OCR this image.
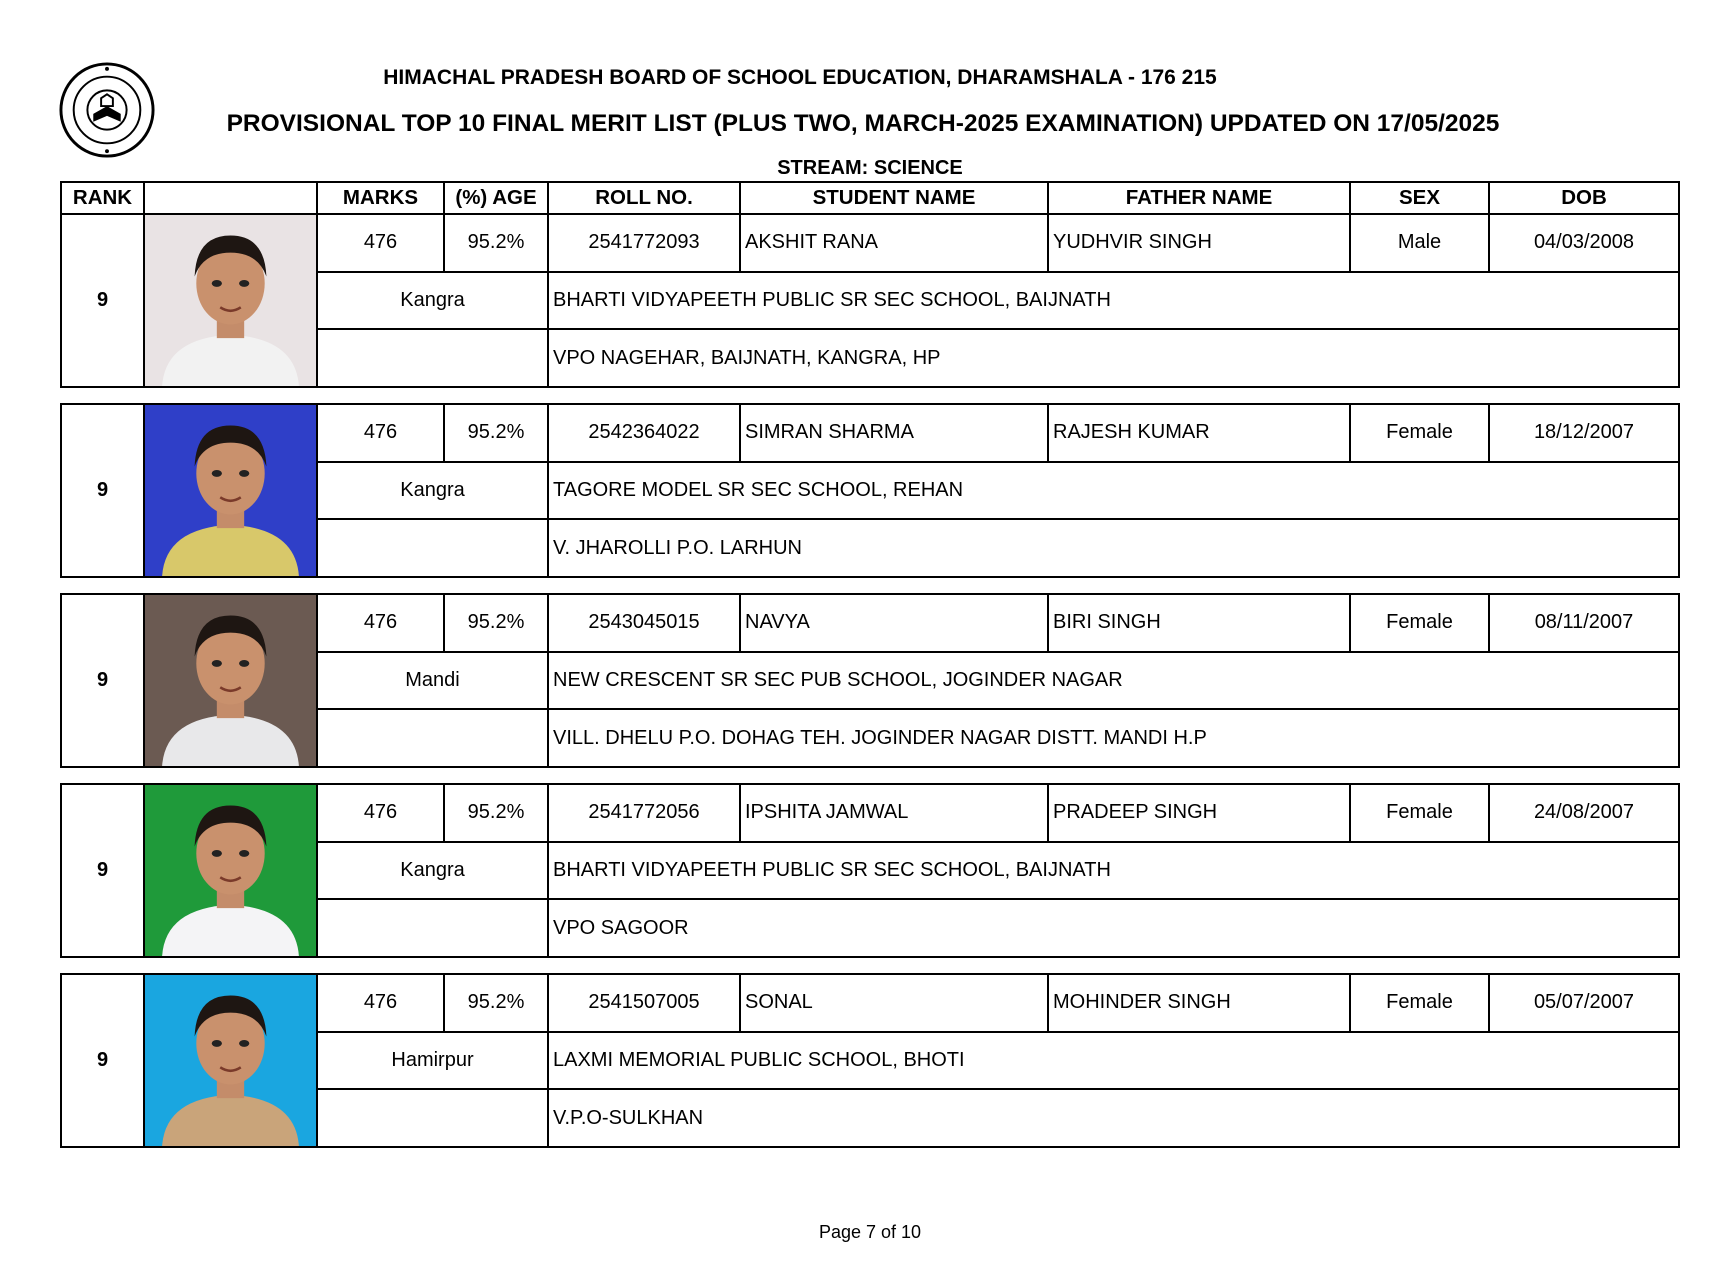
HIMACHAL PRADESH BOARD OF SCHOOL EDUCATION, DHARAMSHALA - 176 215
PROVISIONAL TOP 10 FINAL MERIT LIST (PLUS TWO, MARCH-2025 EXAMINATION) UPDATED ON 17/05/2025
STREAM: SCIENCE
RANK		MARKS	(%) AGE	ROLL NO.	STUDENT NAME	FATHER NAME	SEX	DOB
9		476	95.2%	2541772093	AKSHIT RANA	YUDHVIR SINGH	Male	04/03/2008
		Kangra		BHARTI VIDYAPEETH PUBLIC SR SEC SCHOOL, BAIJNATH				
				VPO NAGEHAR, BAIJNATH, KANGRA, HP				
9		476	95.2%	2542364022	SIMRAN SHARMA	RAJESH KUMAR	Female	18/12/2007
		Kangra		TAGORE MODEL SR SEC SCHOOL, REHAN				
				V. JHAROLLI P.O. LARHUN				
9		476	95.2%	2543045015	NAVYA	BIRI SINGH	Female	08/11/2007
		Mandi		NEW CRESCENT SR SEC PUB SCHOOL, JOGINDER NAGAR				
				VILL. DHELU P.O. DOHAG TEH. JOGINDER NAGAR DISTT. MANDI H.P				
9		476	95.2%	2541772056	IPSHITA JAMWAL	PRADEEP SINGH	Female	24/08/2007
		Kangra		BHARTI VIDYAPEETH PUBLIC SR SEC SCHOOL, BAIJNATH				
				VPO SAGOOR				
9		476	95.2%	2541507005	SONAL	MOHINDER SINGH	Female	05/07/2007
		Hamirpur		LAXMI MEMORIAL PUBLIC SCHOOL, BHOTI				
				V.P.O-SULKHAN				
Page 7 of 10
